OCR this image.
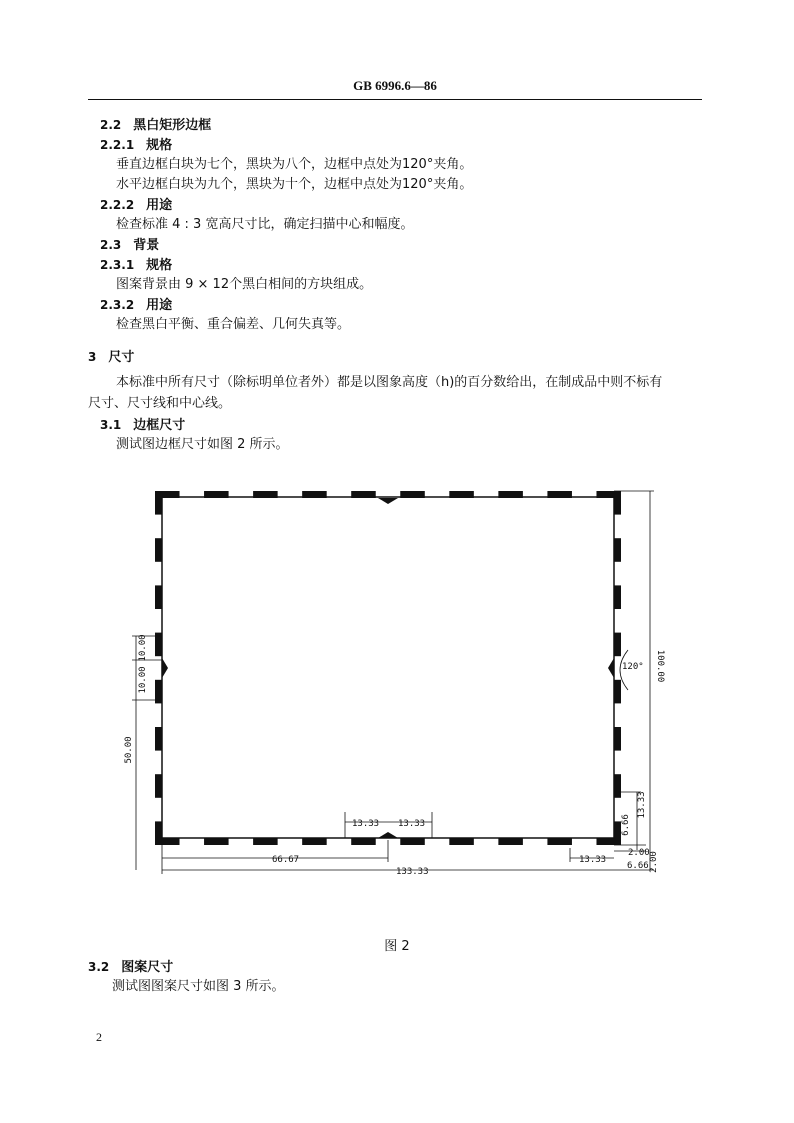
GB 6996.6—86
2.2 黑白矩形边框
2.2.1 规格
垂直边框白块为七个，黑块为八个，边框中点处为120°夹角。
水平边框白块为九个，黑块为十个，边框中点处为120°夹角。
2.2.2 用途
检查标准 4 : 3 宽高尺寸比，确定扫描中心和幅度。
2.3 背景
2.3.1 规格
图案背景由 9 × 12个黑白相间的方块组成。
2.3.2 用途
检查黑白平衡、重合偏差、几何失真等。
3 尺寸
本标准中所有尺寸（除标明单位者外）都是以图象高度（h)的百分数给出，在制成品中则不标有
尺寸、尺寸线和中心线。
3.1 边框尺寸
测试图边框尺寸如图 2 所示。
10.00
10.00
50.00
100.00
120°
13.33 13.33
66.67
133.33
13.33
6.66
13.33
2.00
6.66 2.00
图 2
3.2 图案尺寸
测试图图案尺寸如图 3 所示。
2
